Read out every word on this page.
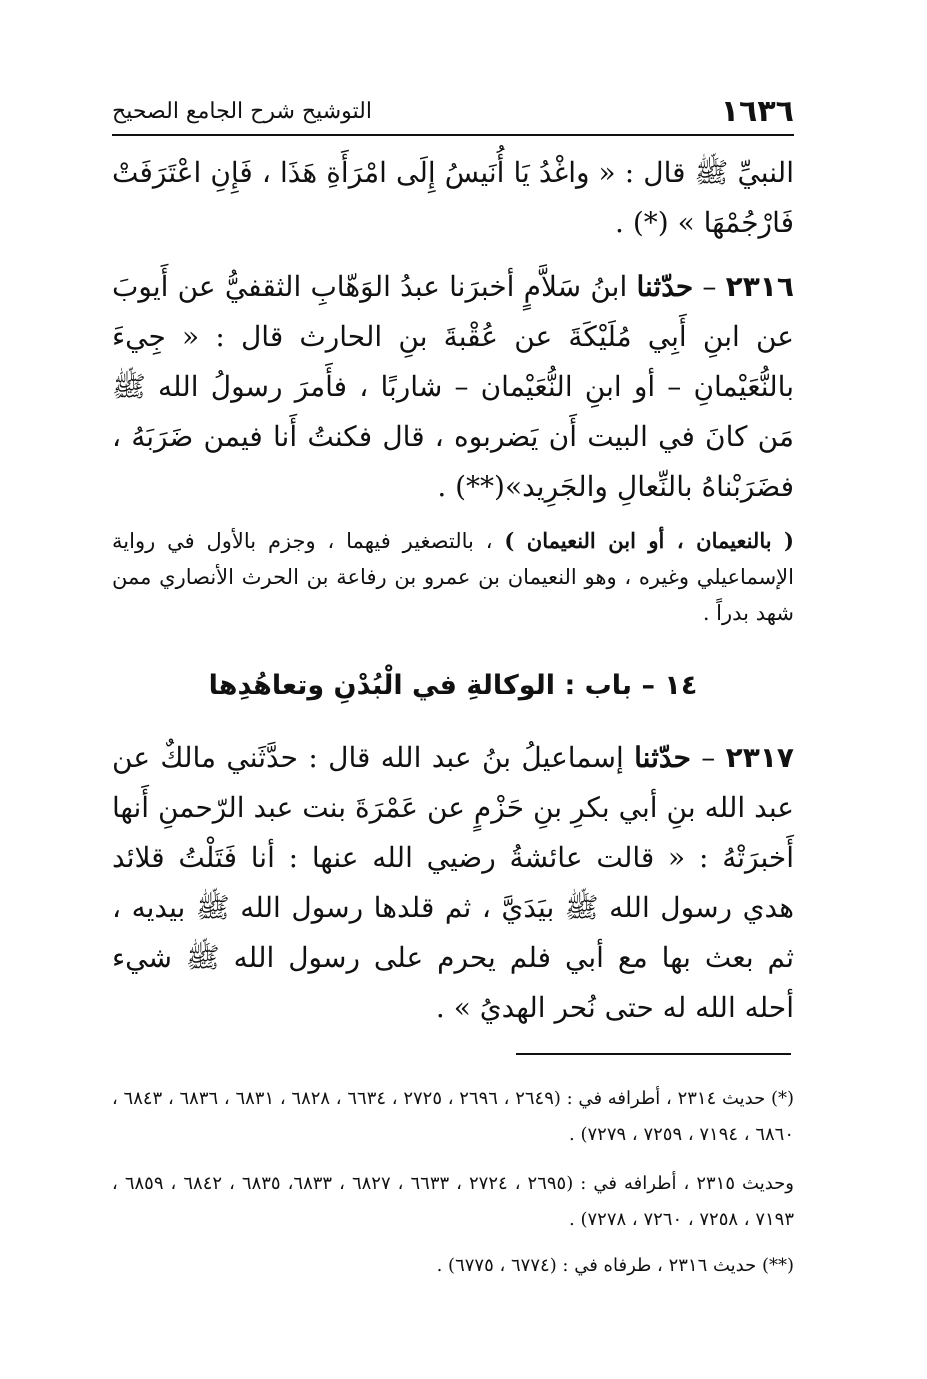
١٦٣٦
التوشيح شرح الجامع الصحيح
النبيِّ ﷺ قال : « واغْدُ يَا أُنَيسُ إِلَى امْرَأَةِ هَذَا ، فَإِنِ اعْتَرَفَتْ فَارْجُمْهَا » (*) .
٢٣١٦ – حدّثنا ابنُ سَلاَّمٍ أخبرَنا عبدُ الوَهّابِ الثقفيُّ عن أَيوبَ عن ابنِ أَبِي مُلَيْكَةَ عن عُقْبةَ بنِ الحارث قال : « جِيءَ بالنُّعَيْمانِ – أو ابنِ النُّعَيْمان – شاربًا ، فأَمرَ رسولُ الله ﷺ مَن كانَ في البيت أَن يَضربوه ، قال فكنتُ أَنا فيمن ضَرَبَهُ ، فضَرَبْناهُ بالنِّعالِ والجَرِيد»(**) .
( بالنعيمان ، أو ابن النعيمان ) ، بالتصغير فيهما ، وجزم بالأول في رواية الإسماعيلي وغيره ، وهو النعيمان بن عمرو بن رفاعة بن الحرث الأنصاري ممن شهد بدراً .
١٤ – باب : الوكالةِ في الْبُدْنِ وتعاهُدِها
٢٣١٧ – حدّثنا إسماعيلُ بنُ عبد الله قال : حدَّثَني مالكٌ عن عبد الله بنِ أبي بكرِ بنِ حَزْمٍ عن عَمْرَةَ بنت عبد الرّحمنِ أَنها أَخبرَتْهُ : « قالت عائشةُ رضيي الله عنها : أنا فَتَلْتُ قلائد هدي رسول الله ﷺ بيَدَيَّ ، ثم قلدها رسول الله ﷺ بيديه ، ثم بعث بها مع أبي فلم يحرم على رسول الله ﷺ شيء أحله الله له حتى نُحر الهديُ » .
(*) حديث ٢٣١٤ ، أطرافه في : (٢٦٤٩ ، ٢٦٩٦ ، ٢٧٢٥ ، ٦٦٣٤ ، ٦٨٢٨ ، ٦٨٣١ ، ٦٨٣٦ ، ٦٨٤٣ ، ٦٨٦٠ ، ٧١٩٤ ، ٧٢٥٩ ، ٧٢٧٩) .
وحديث ٢٣١٥ ، أطرافه في : (٢٦٩٥ ، ٢٧٢٤ ، ٦٦٣٣ ، ٦٨٢٧ ، ٦٨٣٣، ٦٨٣٥ ، ٦٨٤٢ ، ٦٨٥٩ ، ٧١٩٣ ، ٧٢٥٨ ، ٧٢٦٠ ، ٧٢٧٨) .
(**) حديث ٢٣١٦ ، طرفاه في : (٦٧٧٤ ، ٦٧٧٥) .
